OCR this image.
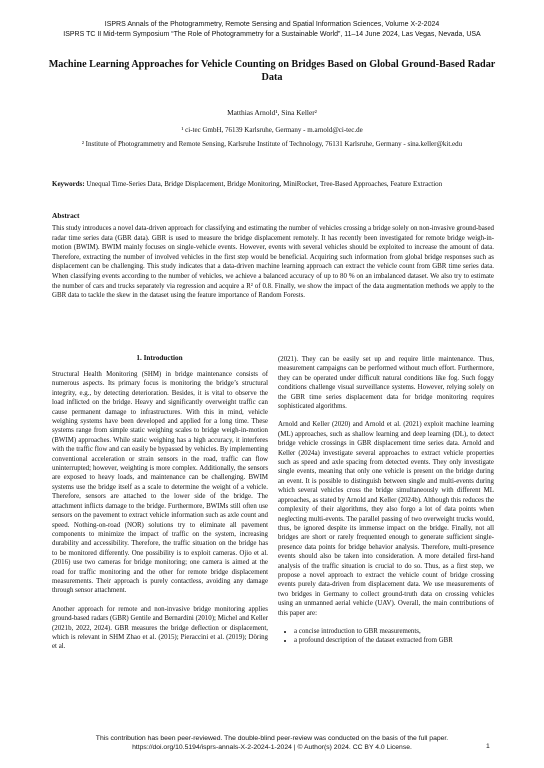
ISPRS Annals of the Photogrammetry, Remote Sensing and Spatial Information Sciences, Volume X-2-2024
ISPRS TC II Mid-term Symposium “The Role of Photogrammetry for a Sustainable World”, 11–14 June 2024, Las Vegas, Nevada, USA
Machine Learning Approaches for Vehicle Counting on Bridges Based on Global Ground-Based Radar Data
Matthias Arnold¹, Sina Keller²
¹ ci-tec GmbH, 76139 Karlsruhe, Germany - m.arnold@ci-tec.de
² Institute of Photogrammetry and Remote Sensing, Karlsruhe Institute of Technology, 76131 Karlsruhe, Germany - sina.keller@kit.edu
Keywords: Unequal Time-Series Data, Bridge Displacement, Bridge Monitoring, MiniRocket, Tree-Based Approaches, Feature Extraction
Abstract
This study introduces a novel data-driven approach for classifying and estimating the number of vehicles crossing a bridge solely on non-invasive ground-based radar time series data (GBR data). GBR is used to measure the bridge displacement remotely. It has recently been investigated for remote bridge weigh-in-motion (BWIM). BWIM mainly focuses on single-vehicle events. However, events with several vehicles should be exploited to increase the amount of data. Therefore, extracting the number of involved vehicles in the first step would be beneficial. Acquiring such information from global bridge responses such as displacement can be challenging. This study indicates that a data-driven machine learning approach can extract the vehicle count from GBR time series data. When classifying events according to the number of vehicles, we achieve a balanced accuracy of up to 80 % on an imbalanced dataset. We also try to estimate the number of cars and trucks separately via regression and acquire a R² of 0.8. Finally, we show the impact of the data augmentation methods we apply to the GBR data to tackle the skew in the dataset using the feature importance of Random Forests.
1. Introduction

Structural Health Monitoring (SHM) in bridge maintenance consists of numerous aspects. Its primary focus is monitoring the bridge’s structural integrity, e.g., by detecting deterioration. Besides, it is vital to observe the load inflicted on the bridge. Heavy and significantly overweight traffic can cause permanent damage to infrastructures. With this in mind, vehicle weighing systems have been developed and applied for a long time. These systems range from simple static weighing scales to bridge weigh-in-motion (BWIM) approaches. While static weighing has a high accuracy, it interferes with the traffic flow and can easily be bypassed by vehicles. By implementing conventional acceleration or strain sensors in the road, traffic can flow uninterrupted; however, weighting is more complex. Additionally, the sensors are exposed to heavy loads, and maintenance can be challenging. BWIM systems use the bridge itself as a scale to determine the weight of a vehicle. Therefore, sensors are attached to the lower side of the bridge. The attachment inflicts damage to the bridge. Furthermore, BWIMs still often use sensors on the pavement to extract vehicle information such as axle count and speed. Nothing-on-road (NOR) solutions try to eliminate all pavement components to minimize the impact of traffic on the system, increasing durability and accessibility. Therefore, the traffic situation on the bridge has to be monitored differently. One possibility is to exploit cameras. Ojio et al. (2016) use two cameras for bridge monitoring; one camera is aimed at the road for traffic monitoring and the other for remote bridge displacement measurements. Their approach is purely contactless, avoiding any damage through sensor attachment.

Another approach for remote and non-invasive bridge monitoring applies ground-based radars (GBR) Gentile and Bernardini (2010); Michel and Keller (2021b, 2022, 2024). GBR measures the bridge deflection or displacement, which is relevant in SHM Zhao et al. (2015); Pieraccini et al. (2019); Döring et al.

(2021). They can be easily set up and require little maintenance. Thus, measurement campaigns can be performed without much effort. Furthermore, they can be operated under difficult natural conditions like fog. Such foggy conditions challenge visual surveillance systems. However, relying solely on the GBR time series displacement data for bridge monitoring requires sophisticated algorithms.

Arnold and Keller (2020) and Arnold et al. (2021) exploit machine learning (ML) approaches, such as shallow learning and deep learning (DL), to detect bridge vehicle crossings in GBR displacement time series data. Arnold and Keller (2024a) investigate several approaches to extract vehicle properties such as speed and axle spacing from detected events. They only investigate single events, meaning that only one vehicle is present on the bridge during an event. It is possible to distinguish between single and multi-events during which several vehicles cross the bridge simultaneously with different ML approaches, as stated by Arnold and Keller (2024b). Although this reduces the complexity of their algorithms, they also forgo a lot of data points when neglecting multi-events. The parallel passing of two overweight trucks would, thus, be ignored despite its immense impact on the bridge. Finally, not all bridges are short or rarely frequented enough to generate sufficient single- presence data points for bridge behavior analysis. Therefore, multi-presence events should also be taken into consideration. A more detailed first-hand analysis of the traffic situation is crucial to do so. Thus, as a first step, we propose a novel approach to extract the vehicle count of bridge crossing events purely data-driven from displacement data. We use measurements of two bridges in Germany to collect ground-truth data on crossing vehicles using an unmanned aerial vehicle (UAV). Overall, the main contributions of this paper are:

• a concise introduction to GBR measurements,
• a profound description of the dataset extracted from GBR
This contribution has been peer-reviewed. The double-blind peer-review was conducted on the basis of the full paper.
https://doi.org/10.5194/isprs-annals-X-2-2024-1-2024 | © Author(s) 2024. CC BY 4.0 License.	1
